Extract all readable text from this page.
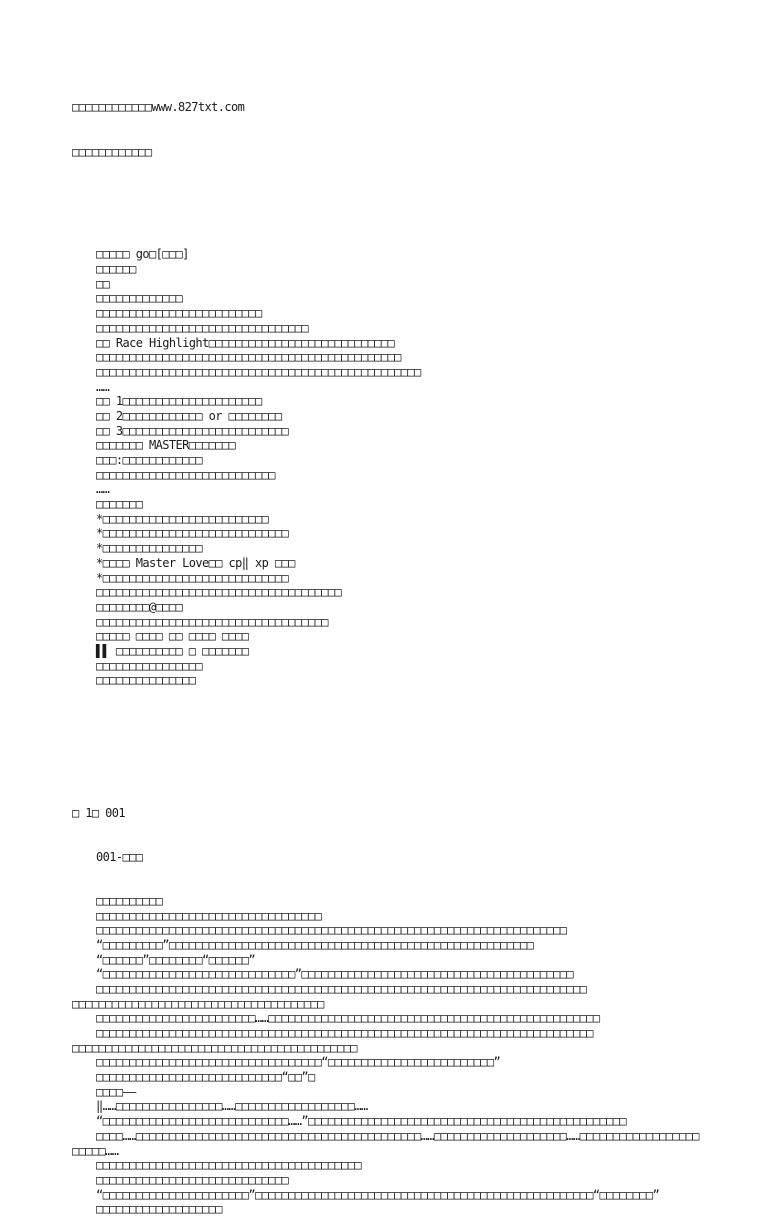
□□□□□□□□□□□□www.827txt.com

□□□□□□□□□□□□

□□□□□ go□[□□□]
□□□□□□
□□
□□□□□□□□□□□□□
□□□□□□□□□□□□□□□□□□□□□□□□□
□□□□□□□□□□□□□□□□□□□□□□□□□□□□□□□□
□□ Race Highlight□□□□□□□□□□□□□□□□□□□□□□□□□□□□
□□□□□□□□□□□□□□□□□□□□□□□□□□□□□□□□□□□□□□□□□□□□□□
□□□□□□□□□□□□□□□□□□□□□□□□□□□□□□□□□□□□□□□□□□□□□□□□□
……
□□ 1□□□□□□□□□□□□□□□□□□□□□
□□ 2□□□□□□□□□□□□ or □□□□□□□□
□□ 3□□□□□□□□□□□□□□□□□□□□□□□□□
□□□□□□□ MASTER□□□□□□□
□□□:□□□□□□□□□□□□
□□□□□□□□□□□□□□□□□□□□□□□□□□□
……
□□□□□□□
*□□□□□□□□□□□□□□□□□□□□□□□□□
*□□□□□□□□□□□□□□□□□□□□□□□□□□□□
*□□□□□□□□□□□□□□□
*□□□□ Master Love□□ cp‖ xp □□□
*□□□□□□□□□□□□□□□□□□□□□□□□□□□□
□□□□□□□□□□□□□□□□□□□□□□□□□□□□□□□□□□□□□
□□□□□□□□@□□□□
□□□□□□□□□□□□□□□□□□□□□□□□□□□□□□□□□□□
□□□□□ □□□□ □□ □□□□ □□□□
▌▌ □□□□□□□□□□ □ □□□□□□□
□□□□□□□□□□□□□□□□
□□□□□□□□□□□□□□□

□ 1□ 001

001-□□□

□□□□□□□□□□
□□□□□□□□□□□□□□□□□□□□□□□□□□□□□□□□□□
□□□□□□□□□□□□□□□□□□□□□□□□□□□□□□□□□□□□□□□□□□□□□□□□□□□□□□□□□□□□□□□□□□□□□□□
“□□□□□□□□□”□□□□□□□□□□□□□□□□□□□□□□□□□□□□□□□□□□□□□□□□□□□□□□□□□□□□□□□
“□□□□□□”□□□□□□□□“□□□□□□”
“□□□□□□□□□□□□□□□□□□□□□□□□□□□□□”□□□□□□□□□□□□□□□□□□□□□□□□□□□□□□□□□□□□□□□□□
□□□□□□□□□□□□□□□□□□□□□□□□□□□□□□□□□□□□□□□□□□□□□□□□□□□□□□□□□□□□□□□□□□□□□□□□□□
□□□□□□□□□□□□□□□□□□□□□□□□□□□□□□□□□□□□□□
□□□□□□□□□□□□□□□□□□□□□□□□……□□□□□□□□□□□□□□□□□□□□□□□□□□□□□□□□□□□□□□□□□□□□□□□□□□
□□□□□□□□□□□□□□□□□□□□□□□□□□□□□□□□□□□□□□□□□□□□□□□□□□□□□□□□□□□□□□□□□□□□□□□□□□□
□□□□□□□□□□□□□□□□□□□□□□□□□□□□□□□□□□□□□□□□□□□
□□□□□□□□□□□□□□□□□□□□□□□□□□□□□□□□□□“□□□□□□□□□□□□□□□□□□□□□□□□□”
□□□□□□□□□□□□□□□□□□□□□□□□□□□□“□□”□
□□□□——
‖……□□□□□□□□□□□□□□□□……□□□□□□□□□□□□□□□□□□……
“□□□□□□□□□□□□□□□□□□□□□□□□□□□□……”□□□□□□□□□□□□□□□□□□□□□□□□□□□□□□□□□□□□□□□□□□□□□□□□
□□□□……□□□□□□□□□□□□□□□□□□□□□□□□□□□□□□□□□□□□□□□□□□□……□□□□□□□□□□□□□□□□□□□□……□□□□□□□□□□□□□□□□□□
□□□□□……
□□□□□□□□□□□□□□□□□□□□□□□□□□□□□□□□□□□□□□□□
□□□□□□□□□□□□□□□□□□□□□□□□□□□□□
“□□□□□□□□□□□□□□□□□□□□□□”□□□□□□□□□□□□□□□□□□□□□□□□□□□□□□□□□□□□□□□□□□□□□□□□□□□“□□□□□□□□”
□□□□□□□□□□□□□□□□□□□
